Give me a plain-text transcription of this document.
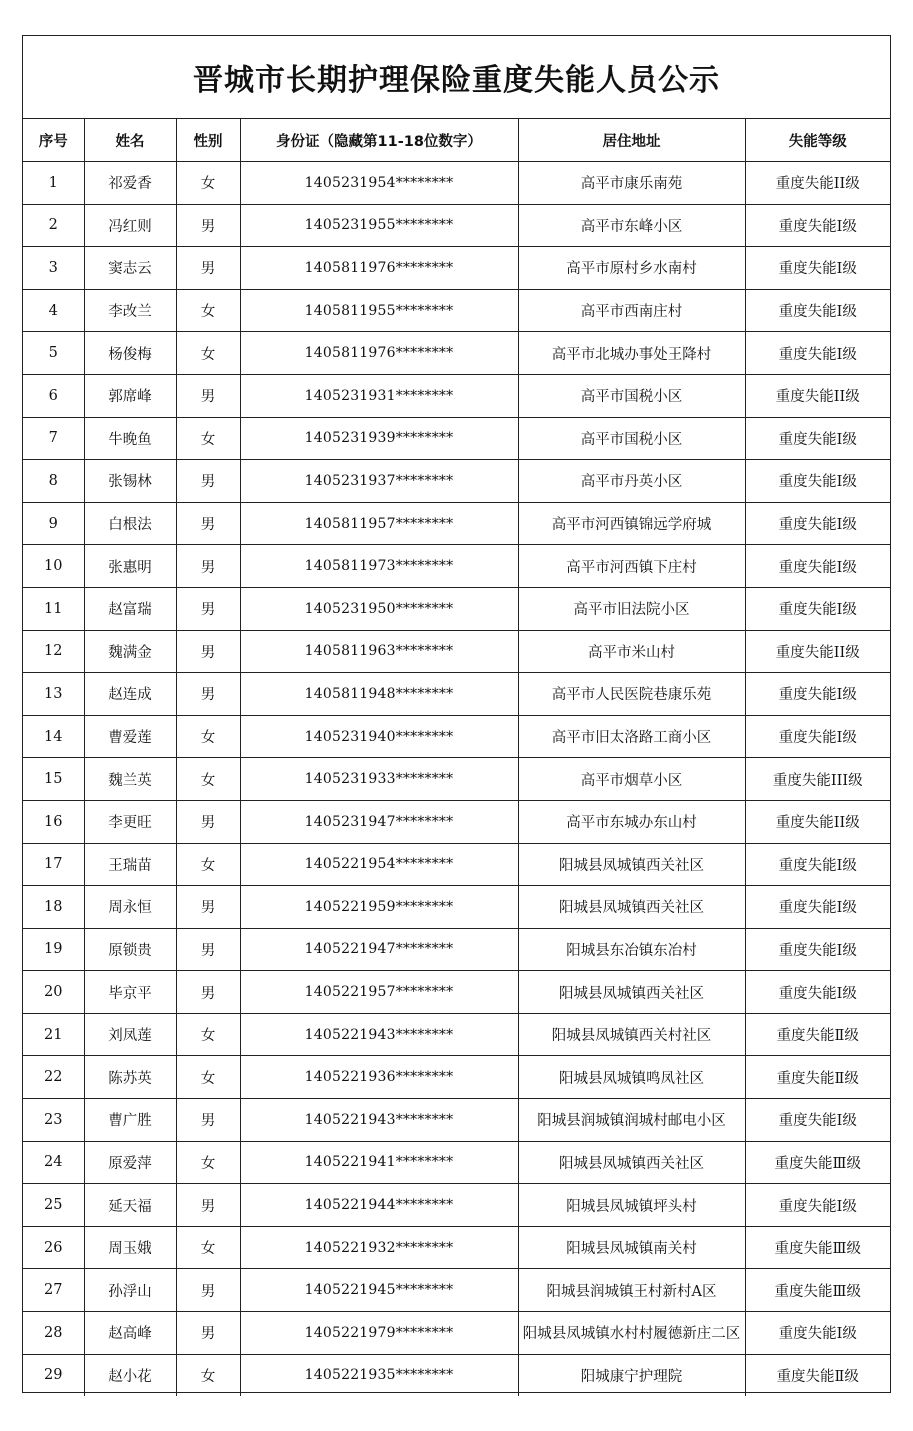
晋城市长期护理保险重度失能人员公示
序号	姓名	性别	身份证（隐藏第11-18位数字）	居住地址	失能等级
1	祁爱香	女	1405231954********	高平市康乐南苑	重度失能II级
2	冯红则	男	1405231955********	高平市东峰小区	重度失能I级
3	窦志云	男	1405811976********	高平市原村乡水南村	重度失能I级
4	李改兰	女	1405811955********	高平市西南庄村	重度失能I级
5	杨俊梅	女	1405811976********	高平市北城办事处王降村	重度失能I级
6	郭席峰	男	1405231931********	高平市国税小区	重度失能II级
7	牛晚鱼	女	1405231939********	高平市国税小区	重度失能I级
8	张锡林	男	1405231937********	高平市丹英小区	重度失能I级
9	白根法	男	1405811957********	高平市河西镇锦远学府城	重度失能I级
10	张惠明	男	1405811973********	高平市河西镇下庄村	重度失能I级
11	赵富瑞	男	1405231950********	高平市旧法院小区	重度失能I级
12	魏满金	男	1405811963********	高平市米山村	重度失能II级
13	赵连成	男	1405811948********	高平市人民医院巷康乐苑	重度失能I级
14	曹爱莲	女	1405231940********	高平市旧太洛路工商小区	重度失能I级
15	魏兰英	女	1405231933********	高平市烟草小区	重度失能III级
16	李更旺	男	1405231947********	高平市东城办东山村	重度失能II级
17	王瑞苗	女	1405221954********	阳城县凤城镇西关社区	重度失能Ⅰ级
18	周永恒	男	1405221959********	阳城县凤城镇西关社区	重度失能Ⅰ级
19	原锁贵	男	1405221947********	阳城县东冶镇东冶村	重度失能Ⅰ级
20	毕京平	男	1405221957********	阳城县凤城镇西关社区	重度失能Ⅰ级
21	刘凤莲	女	1405221943********	阳城县凤城镇西关村社区	重度失能Ⅱ级
22	陈苏英	女	1405221936********	阳城县凤城镇鸣凤社区	重度失能Ⅱ级
23	曹广胜	男	1405221943********	阳城县润城镇润城村邮电小区	重度失能Ⅰ级
24	原爱萍	女	1405221941********	阳城县凤城镇西关社区	重度失能Ⅲ级
25	延天福	男	1405221944********	阳城县凤城镇坪头村	重度失能Ⅰ级
26	周玉娥	女	1405221932********	阳城县凤城镇南关村	重度失能Ⅲ级
27	孙浮山	男	1405221945********	阳城县润城镇王村新村A区	重度失能Ⅲ级
28	赵高峰	男	1405221979********	阳城县凤城镇水村村履德新庄二区	重度失能Ⅰ级
29	赵小花	女	1405221935********	阳城康宁护理院	重度失能Ⅱ级
